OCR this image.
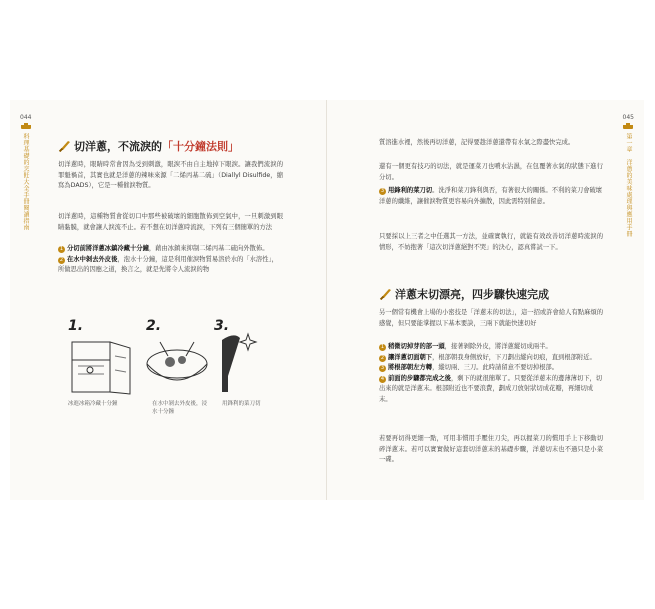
044
料理基礎的烹飪大全手冊閱讀指南	切洋蔥，不流淚的「十分鐘法則」
切洋蔥時，眼睛時常會因為受到刺激，眼淚不由自主地掉下眼淚。讓我們流淚的罪魁禍首，其實也就是洋蔥的辣味來源「二烯丙基二硫」（Diallyl Disulfide，縮寫為DADS），它是一種催淚物質。
切洋蔥時，這種物質會從切口中那些被破壞的細胞散佈到空氣中，一旦刺激到眼睛黏膜，就會讓人淚流不止。若不想在切洋蔥時流淚，下列有三個簡單的方法

1 分切前將洋蔥冰鎮冷藏十分鐘，藉由冰鎮來抑制二烯丙基二硫向外散佈。

2 在水中剝去外皮後，泡水十分鐘，這是利用催淚物質易溶於水的「水溶性」，所做思出的因應之道，換言之，就是先將令人流淚的物

1.	2.	3.
冰進冰箱冷藏十分鐘	在水中剝去外皮後，浸水十分鐘
用鋒利的菜刀切
045
第一章　洋蔥的美味處理與應用手冊
質溶進水裡，然後再切洋蔥，記得要趁洋蔥還帶有水氣之際盡快完成。
還有一個更有技巧的切法，就是運菜刀也噴水沾濕，在包覆著水氣的狀態下進行分切。

3 用鋒利的菜刀切。洗淨和菜刀鋒利與否，有著很大的關係。不利的菜刀會破壞洋蔥的纖維，讓催淚物質更容易向外擴散，因此需特別留意。

只要採以上三者之中任選其一方法，並確實執行，就能有效改善切洋蔥時流淚的情形，不妨抱著「這次切洋蔥絕對不哭」的決心，認真嘗試一下。
洋蔥末切漂亮，四步驟快速完成
另一個常有機會上場的小密技是「洋蔥末的切法」，這一招或許會給人有點麻煩的感覺，但只要能掌握以下基本要訣，三兩下就能快速切好

1 稍微切掉芽的部一頭，接著剝除外皮，將洋蔥縱切成兩半。

2 讓洋蔥切面朝下，根部朝我身側放好，下刀劃出縱向切痕，直到根部附近。

3 將根部朝左方轉，縱切兩、三刀。此時請留意不要切掉根部。

4 前面的步驟都完成之後，剩下的就很簡單了。只要從洋蔥末的邊薄薄切下，切出來的就是洋蔥末。根部附近也不要浪費，劃成刀放射狀切成花瓣，再細切成末。

若要再切得更細一點，可用非慣用手壓住刀尖，再以握菜刀的慣用手上下移動切碎洋蔥末。若可以實實做好這套切洋蔥末的基礎步驟，洋蔥切末也不過只是小菜一碟。
